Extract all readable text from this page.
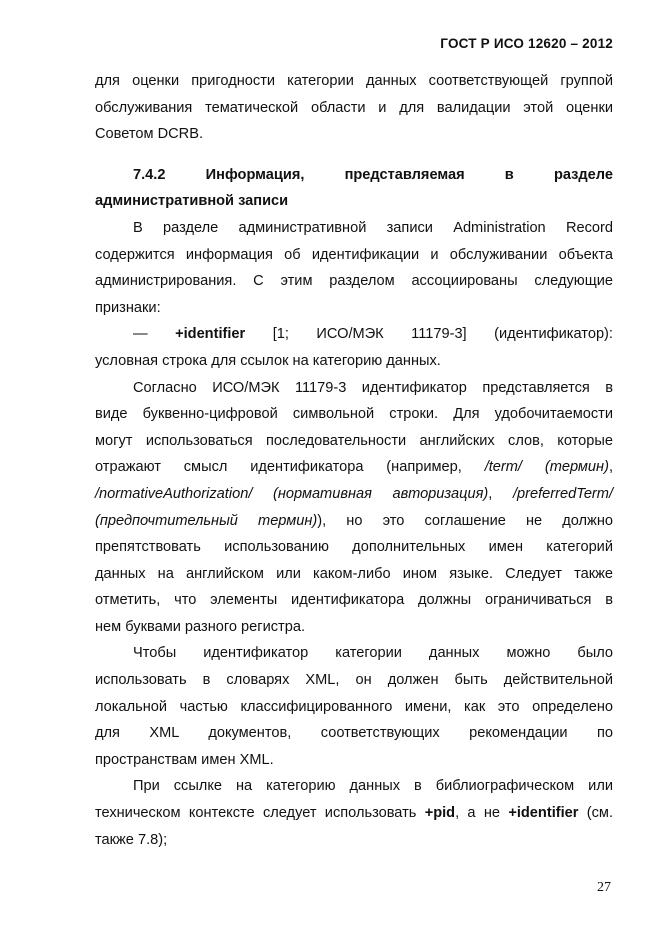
ГОСТ Р ИСО 12620 – 2012
для оценки пригодности категории данных соответствующей группой
обслуживания тематической области и для валидации этой оценки
Советом DCRB.
7.4.2 Информация, представляемая в разделе
административной записи
В разделе административной записи Administration Record
содержится информация об идентификации и обслуживании объекта
администрирования. С этим разделом ассоциированы следующие
признаки:
— +identifier [1; ИСО/МЭК 11179-3] (идентификатор):
условная строка для ссылок на категорию данных.
Согласно ИСО/МЭК 11179-3 идентификатор представляется в
виде буквенно-цифровой символьной строки. Для удобочитаемости
могут использоваться последовательности английских слов, которые
отражают смысл идентификатора (например, /term/ (термин),
/normativeAuthorization/ (нормативная авторизация), /preferredTerm/
(предпочтительный термин)), но это соглашение не должно
препятствовать использованию дополнительных имен категорий
данных на английском или каком-либо ином языке. Следует также
отметить, что элементы идентификатора должны ограничиваться в
нем буквами разного регистра.
Чтобы идентификатор категории данных можно было
использовать в словарях XML, он должен быть действительной
локальной частью классифицированного имени, как это определено
для XML документов, соответствующих рекомендации по
пространствам имен XML.
При ссылке на категорию данных в библиографическом или
техническом контексте следует использовать +pid, а не +identifier (см.
также 7.8);
27
